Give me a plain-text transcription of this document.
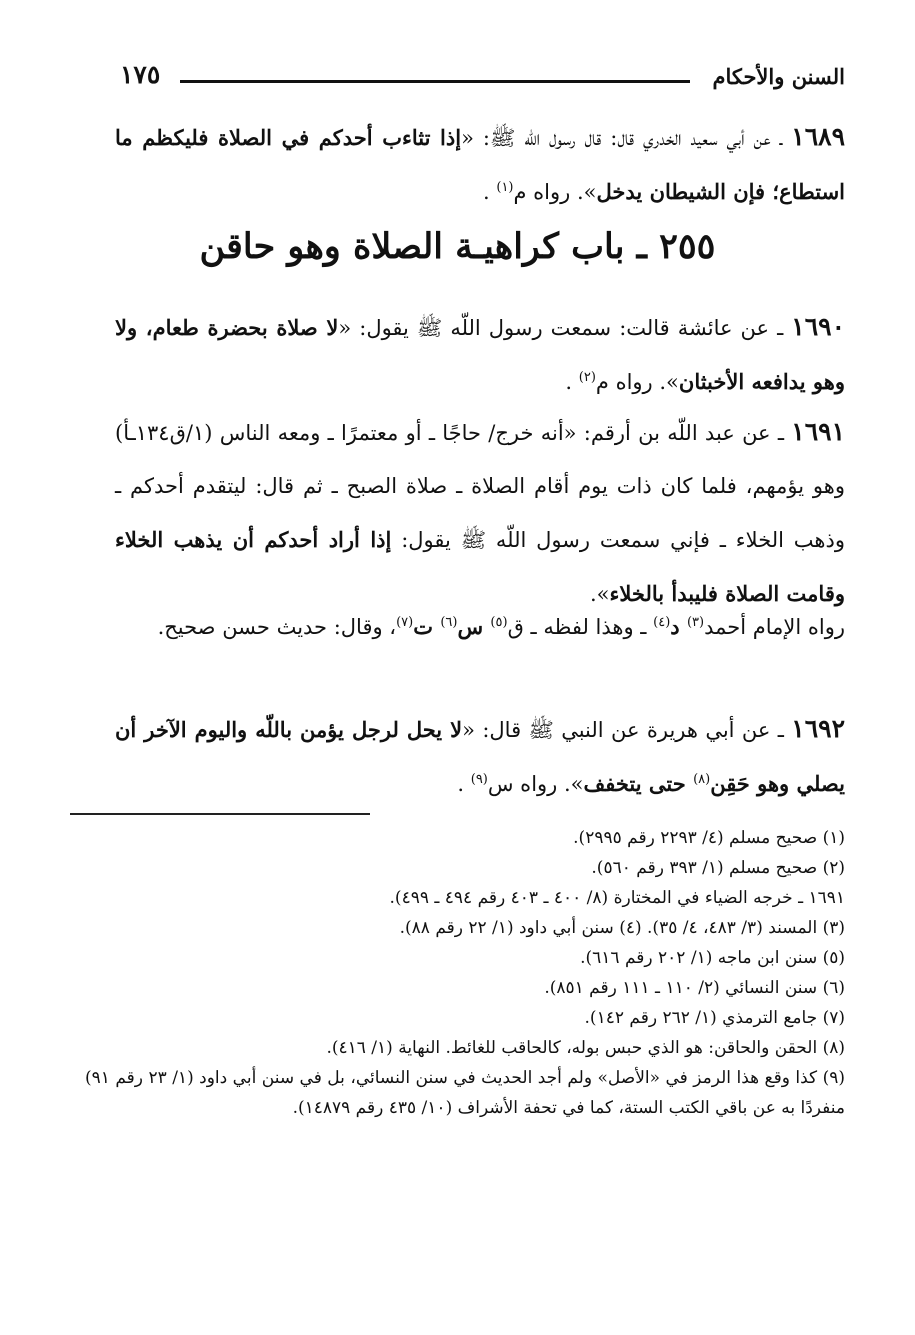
السنن والأحكام
١٧٥
١٦٨٩ ـ عن أبي سعيد الخدري قال: قال رسول اللّه ﷺ: «إذا تثاءب أحدكم في الصلاة فليكظم ما استطاع؛ فإن الشيطان يدخل». رواه م$^{(١)}$ .
٢٥٥ ـ باب كراهيـة الصلاة وهو حاقن
١٦٩٠ ـ عن عائشة قالت: سمعت رسول اللّه ﷺ يقول: «لا صلاة بحضرة طعام، ولا وهو يدافعه الأخبثان». رواه م$^{(٢)}$ .
١٦٩١ ـ عن عبد اللّه بن أرقم: «أنه خرج/ حاجًا ـ أو معتمرًا ـ ومعه الناس (١/ق١٣٤ـأ) وهو يؤمهم، فلما كان ذات يوم أقام الصلاة ـ صلاة الصبح ـ ثم قال: ليتقدم أحدكم ـ وذهب الخلاء ـ فإني سمعت رسول اللّه ﷺ يقول: إذا أراد أحدكم أن يذهب الخلاء وقامت الصلاة فليبدأ بالخلاء».
رواه الإمام أحمد$^{(٣)}$ د$^{(٤)}$ ـ وهذا لفظه ـ ق$^{(٥)}$ س$^{(٦)}$ ت$^{(٧)}$، وقال: حديث حسن صحيح.
١٦٩٢ ـ عن أبي هريرة عن النبي ﷺ قال: «لا يحل لرجل يؤمن باللّه واليوم الآخر أن يصلي وهو حَقِن$^{(٨)}$ حتى يتخفف». رواه س$^{(٩)}$ .
(١) صحيح مسلم (٤/ ٢٢٩٣ رقم ٢٩٩٥).
(٢) صحيح مسلم (١/ ٣٩٣ رقم ٥٦٠).
١٦٩١ ـ خرجه الضياء في المختارة (٨/ ٤٠٠ ـ ٤٠٣ رقم ٤٩٤ ـ ٤٩٩).
(٣) المسند (٣/ ٤٨٣، ٤/ ٣٥). (٤) سنن أبي داود (١/ ٢٢ رقم ٨٨).
(٥) سنن ابن ماجه (١/ ٢٠٢ رقم ٦١٦).
(٦) سنن النسائي (٢/ ١١٠ ـ ١١١ رقم ٨٥١).
(٧) جامع الترمذي (١/ ٢٦٢ رقم ١٤٢).
(٨) الحقن والحاقن: هو الذي حبس بوله، كالحاقب للغائط. النهاية (١/ ٤١٦).
(٩) كذا وقع هذا الرمز في «الأصل» ولم أجد الحديث في سنن النسائي، بل في سنن أبي داود (١/ ٢٣ رقم ٩١) منفردًا به عن باقي الكتب الستة، كما في تحفة الأشراف (١٠/ ٤٣٥ رقم ١٤٨٧٩).
